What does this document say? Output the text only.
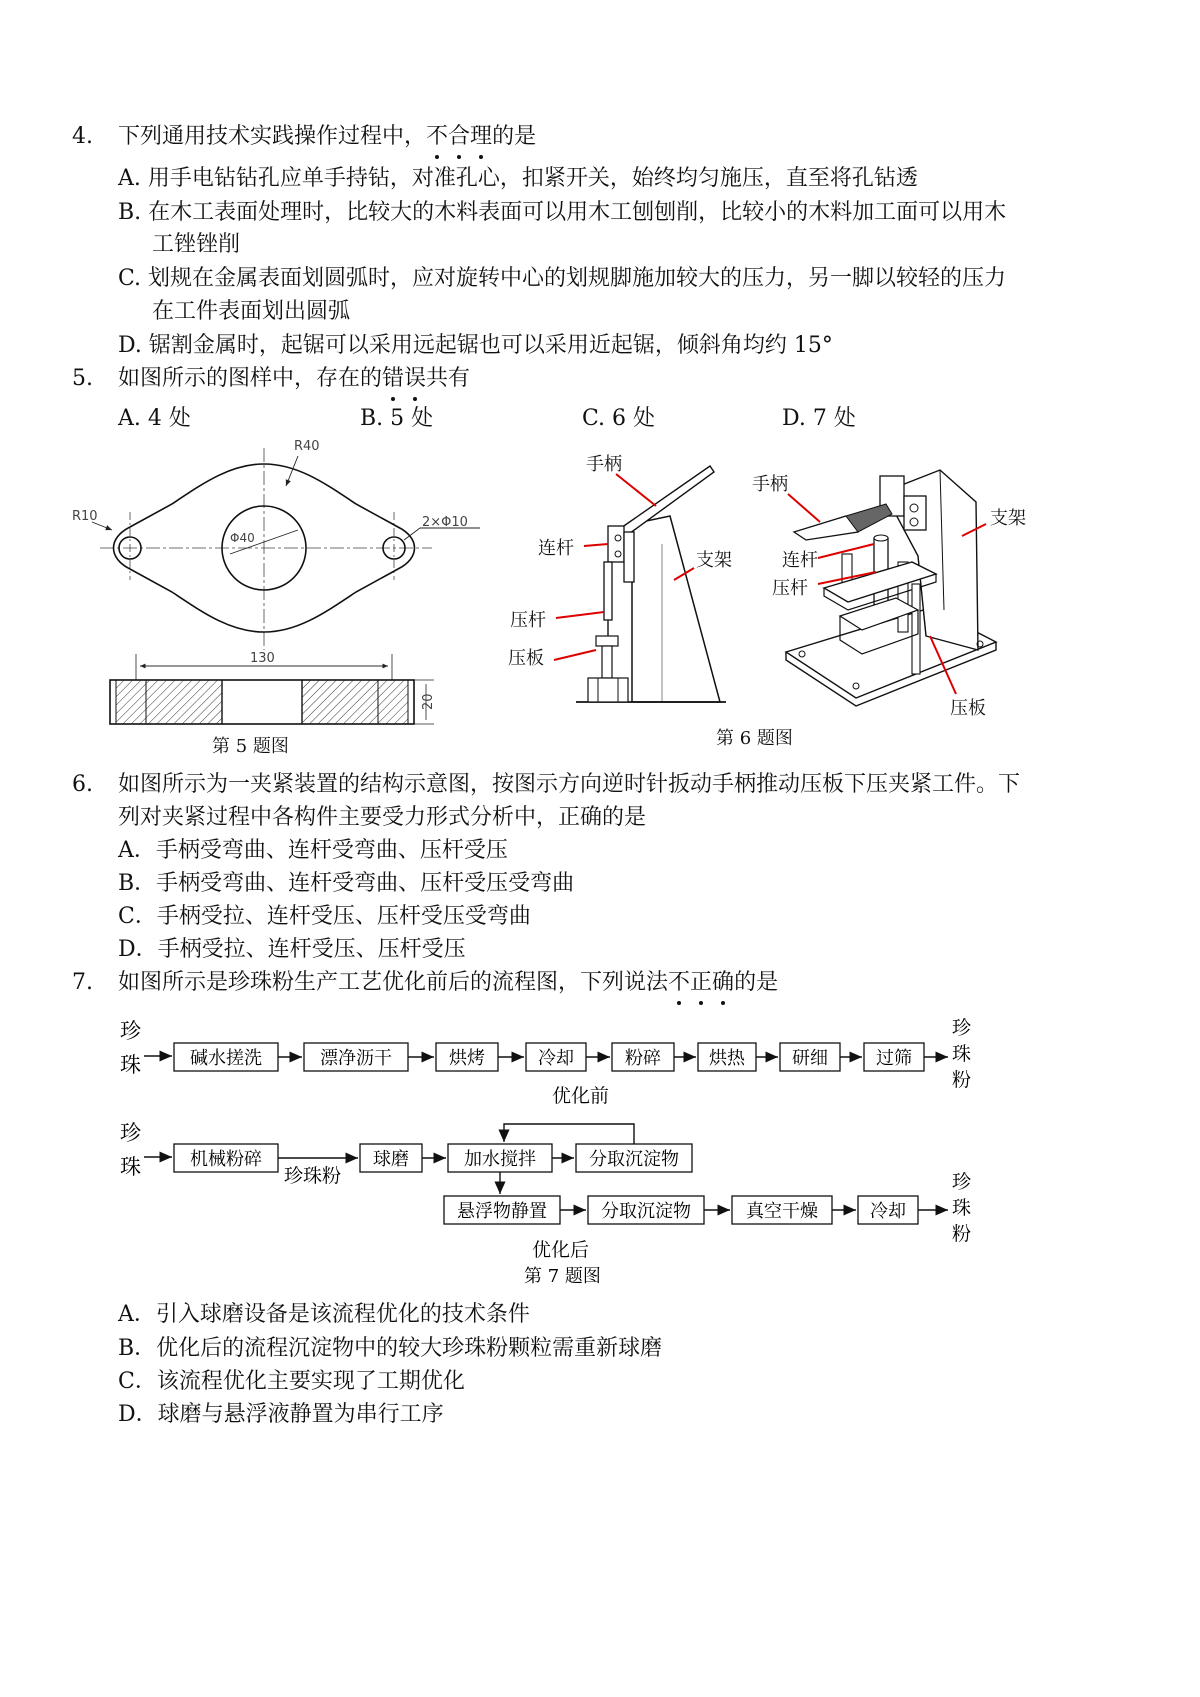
4. 下列通用技术实践操作过程中，不合理的是
A. 用手电钻钻孔应单手持钻，对准孔心，扣紧开关，始终均匀施压，直至将孔钻透
B. 在木工表面处理时，比较大的木料表面可以用木工刨刨削，比较小的木料加工面可以用木
工锉锉削
C. 划规在金属表面划圆弧时，应对旋转中心的划规脚施加较大的压力，另一脚以较轻的压力
在工件表面划出圆弧
D. 锯割金属时，起锯可以采用远起锯也可以采用近起锯，倾斜角均约 15°
5. 如图所示的图样中，存在的错误共有
A. 4 处	B. 5 处	C. 6 处	D. 7 处
R40
R10	2×Φ10
Φ40
130
20
第 5 题图
手柄
连杆
支架
压杆
压板
手柄
支架
连杆
压杆
压板
第 6 题图
6. 如图所示为一夹紧装置的结构示意图，按图示方向逆时针扳动手柄推动压板下压夹紧工件。下
列对夹紧过程中各构件主要受力形式分析中，正确的是
A．手柄受弯曲、连杆受弯曲、压杆受压
B．手柄受弯曲、连杆受弯曲、压杆受压受弯曲
C．手柄受拉、连杆受压、压杆受压受弯曲
D．手柄受拉、连杆受压、压杆受压
7. 如图所示是珍珠粉生产工艺优化前后的流程图，下列说法不正确的是
珍
珠	碱水搓洗	漂净沥干	烘烤	冷却	粉碎	烘热	研细	过筛
珍
珠
粉
优化前
珍
珠	机械粉碎
珍珠粉
球磨	加水搅拌	分取沉淀物
悬浮物静置	分取沉淀物	真空干燥	冷却
珍
珠
粉
优化后
第 7 题图
A．引入球磨设备是该流程优化的技术条件
B．优化后的流程沉淀物中的较大珍珠粉颗粒需重新球磨
C．该流程优化主要实现了工期优化
D．球磨与悬浮液静置为串行工序
